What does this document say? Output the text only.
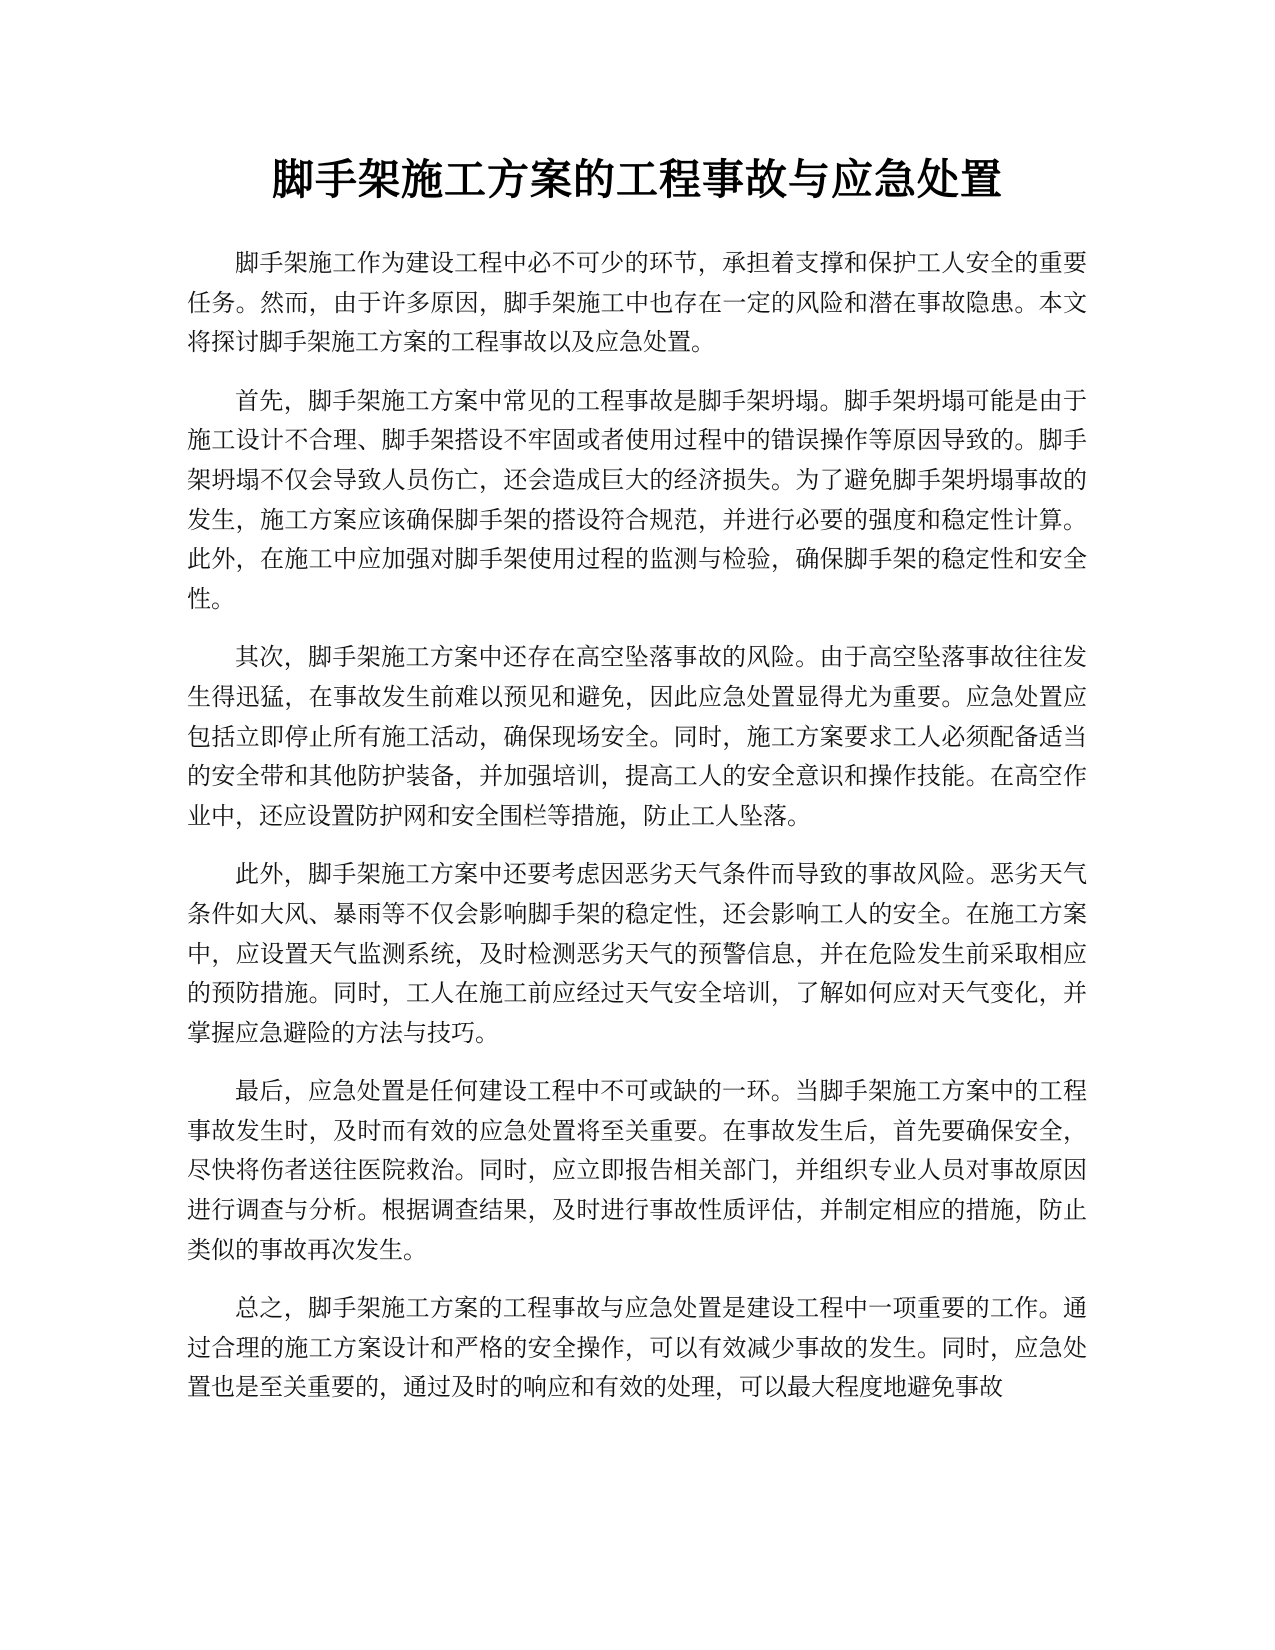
脚手架施工方案的工程事故与应急处置

脚手架施工作为建设工程中必不可少的环节，承担着支撑和保护工人安全的重要任务。然而，由于许多原因，脚手架施工中也存在一定的风险和潜在事故隐患。本文将探讨脚手架施工方案的工程事故以及应急处置。

首先，脚手架施工方案中常见的工程事故是脚手架坍塌。脚手架坍塌可能是由于施工设计不合理、脚手架搭设不牢固或者使用过程中的错误操作等原因导致的。脚手架坍塌不仅会导致人员伤亡，还会造成巨大的经济损失。为了避免脚手架坍塌事故的发生，施工方案应该确保脚手架的搭设符合规范，并进行必要的强度和稳定性计算。此外，在施工中应加强对脚手架使用过程的监测与检验，确保脚手架的稳定性和安全性。

其次，脚手架施工方案中还存在高空坠落事故的风险。由于高空坠落事故往往发生得迅猛，在事故发生前难以预见和避免，因此应急处置显得尤为重要。应急处置应包括立即停止所有施工活动，确保现场安全。同时，施工方案要求工人必须配备适当的安全带和其他防护装备，并加强培训，提高工人的安全意识和操作技能。在高空作业中，还应设置防护网和安全围栏等措施，防止工人坠落。

此外，脚手架施工方案中还要考虑因恶劣天气条件而导致的事故风险。恶劣天气条件如大风、暴雨等不仅会影响脚手架的稳定性，还会影响工人的安全。在施工方案中，应设置天气监测系统，及时检测恶劣天气的预警信息，并在危险发生前采取相应的预防措施。同时，工人在施工前应经过天气安全培训，了解如何应对天气变化，并掌握应急避险的方法与技巧。

最后，应急处置是任何建设工程中不可或缺的一环。当脚手架施工方案中的工程事故发生时，及时而有效的应急处置将至关重要。在事故发生后，首先要确保安全，尽快将伤者送往医院救治。同时，应立即报告相关部门，并组织专业人员对事故原因进行调查与分析。根据调查结果，及时进行事故性质评估，并制定相应的措施，防止类似的事故再次发生。

总之，脚手架施工方案的工程事故与应急处置是建设工程中一项重要的工作。通过合理的施工方案设计和严格的安全操作，可以有效减少事故的发生。同时，应急处置也是至关重要的，通过及时的响应和有效的处理，可以最大程度地避免事故
